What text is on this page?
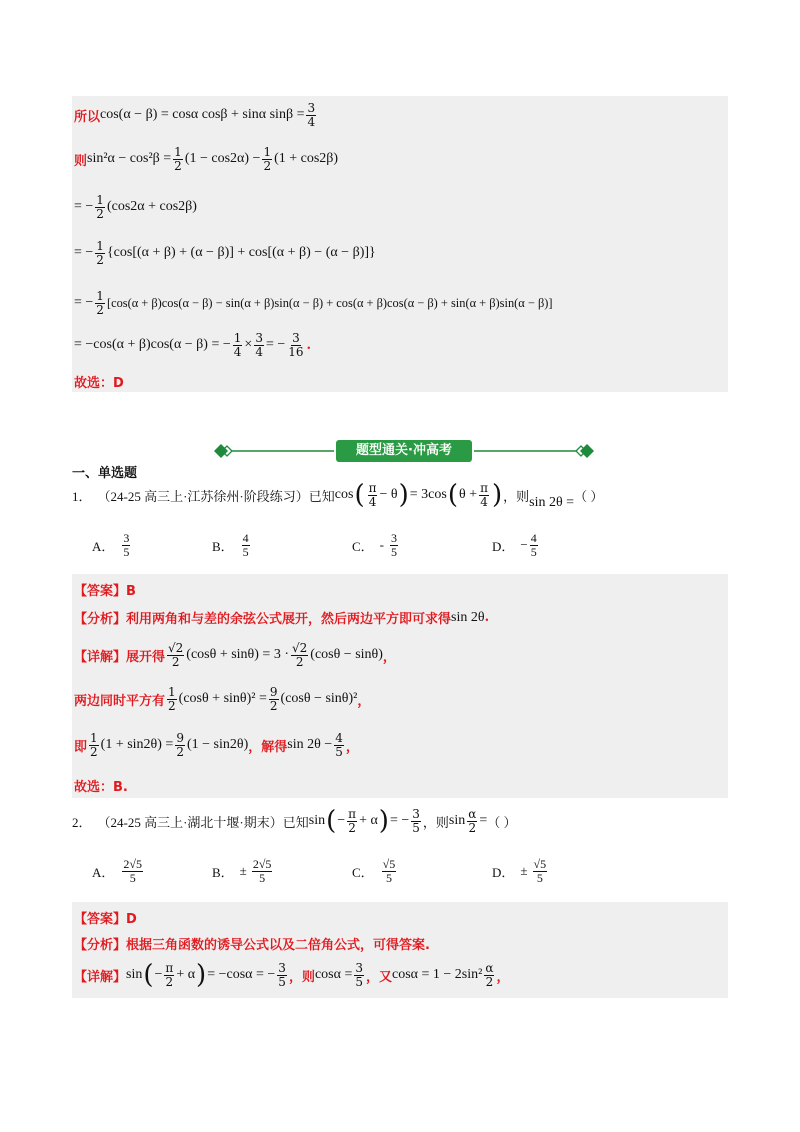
所以 cos(α − β) = cosα cosβ + sinα $\sin\beta = \frac{3}{4}$
则 $\sin^2\alpha - \cos^2\beta = \frac{1}{2} (1 - \cos 2\alpha) - \frac{1}{2} (1 + \cos 2\beta)$
= − $\frac{1}{2} (\cos 2\alpha + \cos 2\beta)$
= − $\frac{1}{2} \{\cos[(\alpha + \beta) + (\alpha - \beta)] + \cos[(\alpha + \beta) - (\alpha - \beta)]\}$
= − $\frac{1}{2} [\cos(\alpha + \beta)\cos(\alpha - \beta) - \sin(\alpha + \beta)\sin(\alpha - \beta) + \cos(\alpha + \beta)\cos(\alpha - \beta) + \sin(\alpha + \beta)\sin(\alpha - \beta)]$
= −cos(α + β)cos(α − β) = − $\frac{1}{4} \times \frac{3}{4}$ = − $\frac{3}{16}$ .
故选：D
题型通关·冲高考
一、单选题
1． （24-25 高三上·江苏徐州·阶段练习）已知 cos ( $\frac{\pi}{4} - \theta$ ) = 3cos ( $\theta + \frac{\pi}{4}$ ) ，则 sin 2θ = （ ）
A． $\frac{3}{5}$	B． $\frac{4}{5}$	C． - $\frac{3}{5}$	D． − $\frac{4}{5}$
【答案】B
【分析】利用两角和与差的余弦公式展开，然后两边平方即可求得 sin 2θ .
【详解】展开得 $\frac{√2}{2} (\cos\theta + \sin\theta) = 3 \cdot \frac{√2}{2} (\cos\theta - \sin\theta)$ ，
两边同时平方有 $\frac{1}{2} (\cos\theta + \sin\theta)^2 = \frac{9}{2} (\cos\theta - \sin\theta)^2$ ，
即 $\frac{1}{2} (1 + \sin 2\theta) = \frac{9}{2} (1 - \sin 2\theta)$ ，解得 $\sin 2\theta - \frac{4}{5}$ ，
故选：B.
2． （24-25 高三上·湖北十堰·期末）已知 sin ( − $\frac{\pi}{2} + \alpha$ ) = − $\frac{3}{5}$ ，则 $\sin \frac{\alpha}{2}$ = （ ）
A． $\frac{2√5}{5}$	B． ± $\frac{2√5}{5}$	C． $\frac{√5}{5}$	D． ± $\frac{√5}{5}$
【答案】D
【分析】根据三角函数的诱导公式以及二倍角公式，可得答案.
【详解】 sin ( − $\frac{\pi}{2} + \alpha$ ) = −cosα = − $\frac{3}{5}$ ，则 $\cos\alpha = \frac{3}{5}$ ，又 $\cos\alpha = 1 - 2\sin^2 \frac{\alpha}{2}$ ，
